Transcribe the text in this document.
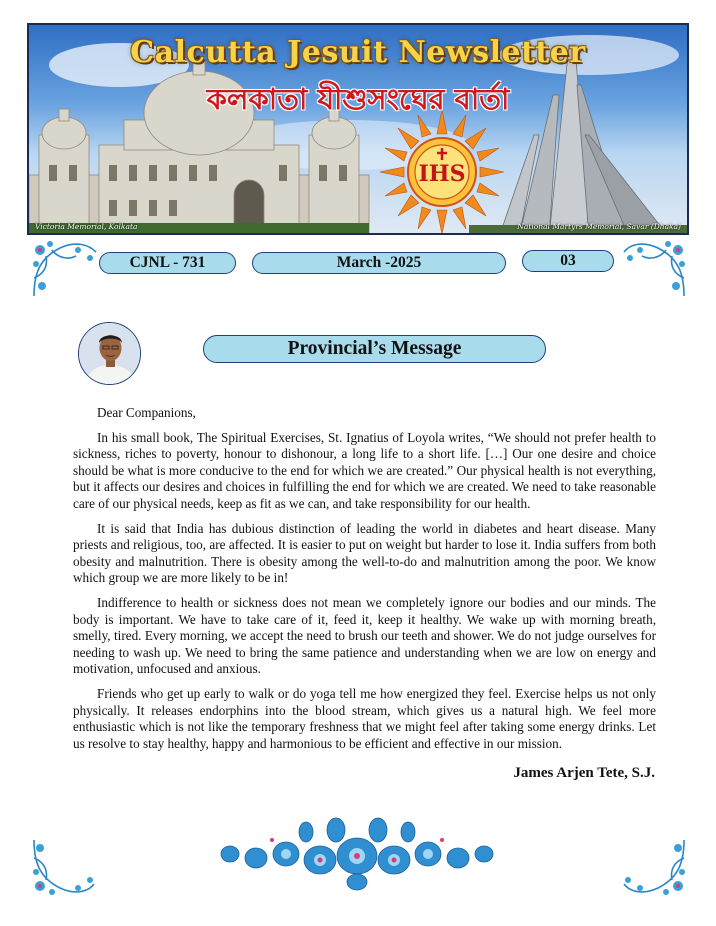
IHS
Calcutta Jesuit Newsletter
কলকাতা যীশুসংঘের বার্তা
Victoria Memorial, Kolkata	National Martyrs Memorial, Savar (Dhaka)
CJNL - 731	March -2025	03
Provincial’s Message

Dear Companions,

In his small book, The Spiritual Exercises, St. Ignatius of Loyola writes, “We should not prefer health to sickness, riches to poverty, honour to dishonour, a long life to a short life. […] Our one desire and choice should be what is more conducive to the end for which we are created.” Our physical health is not everything, but it affects our desires and choices in fulfilling the end for which we are created. We need to take reasonable care of our physical needs, keep as fit as we can, and take responsibility for our health.

It is said that India has dubious distinction of leading the world in diabetes and heart disease. Many priests and religious, too, are affected. It is easier to put on weight but harder to lose it. India suffers from both obesity and malnutrition. There is obesity among the well-to-do and malnutrition among the poor. We know which group we are more likely to be in!

Indifference to health or sickness does not mean we completely ignore our bodies and our minds. The body is important. We have to take care of it, feed it, keep it healthy. We wake up with morning breath, smelly, tired. Every morning, we accept the need to brush our teeth and shower. We do not judge ourselves for needing to wash up. We need to bring the same patience and understanding when we are low on energy and motivation, unfocused and anxious.

Friends who get up early to walk or do yoga tell me how energized they feel. Exercise helps us not only physically. It releases endorphins into the blood stream, which gives us a natural high. We feel more enthusiastic which is not like the temporary freshness that we might feel after taking some energy drinks. Let us resolve to stay healthy, happy and harmonious to be efficient and effective in our mission.

James Arjen Tete, S.J.
